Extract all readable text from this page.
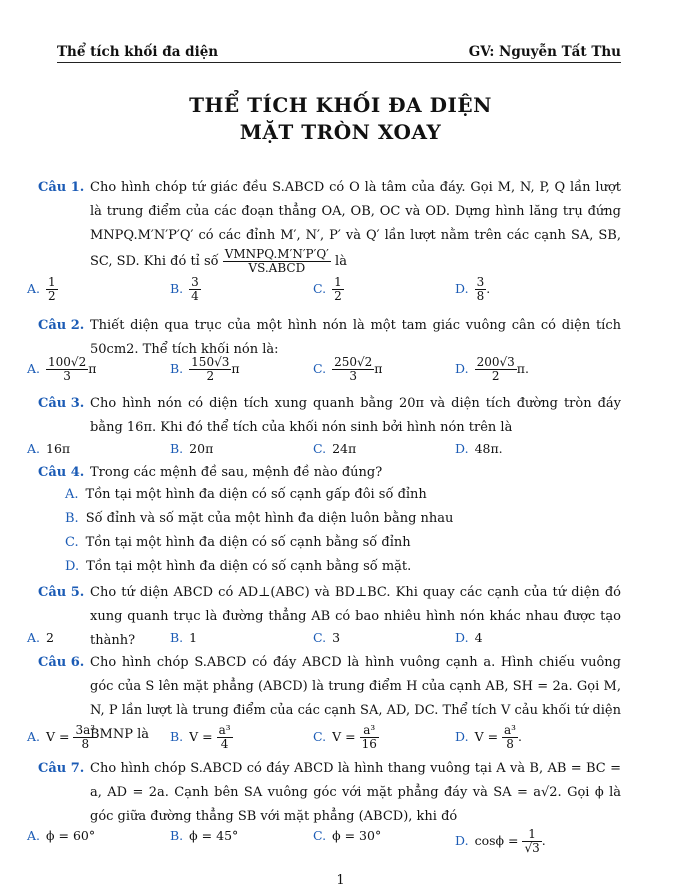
Thể tích khối đa diện	GV: Nguyễn Tất Thu
THỂ TÍCH KHỐI ĐA DIỆN
MẶT TRÒN XOAY
Câu 1. Cho hình chóp tứ giác đều S.ABCD có O là tâm của đáy. Gọi M, N, P, Q lần lượt là trung điểm của các đoạn thẳng OA, OB, OC và OD. Dựng hình lăng trụ đứng MNPQ.M′N′P′Q′ có các đỉnh M′, N′, P′ và Q′ lần lượt nằm trên các cạnh SA, SB, SC, SD. Khi đó tỉ số $\frac{\text{VMNPQ.M′N′P′Q′}}{\text{VS.ABCD}}$ là
A. $\frac{1}{2}$	B. $\frac{3}{4}$	C. $\frac{1}{2}$	D. $\frac{3}{8}$ .
Câu 2. Thiết diện qua trục của một hình nón là một tam giác vuông cân có diện tích 50cm2. Thể tích khối nón là:
A. $\frac{100√2}{3}$ π	B. $\frac{150√3}{2}$ π	C. $\frac{250√2}{3}$ π	D. $\frac{200√3}{2} \pi$.
Câu 3. Cho hình nón có diện tích xung quanh bằng 20π và diện tích đường tròn đáy bằng 16π. Khi đó thể tích của khối nón sinh bởi hình nón trên là
A. 16π	B. 20π	C. 24π	D. 48π.
Câu 4. Trong các mệnh đề sau, mệnh đề nào đúng?
A. Tồn tại một hình đa diện có số cạnh gấp đôi số đỉnh
B. Số đỉnh và số mặt của một hình đa diện luôn bằng nhau
C. Tồn tại một hình đa diện có số cạnh bằng số đỉnh
D. Tồn tại một hình đa diện có số cạnh bằng số mặt.
Câu 5. Cho tứ diện ABCD có AD⊥(ABC) và BD⊥BC. Khi quay các cạnh của tứ diện đó xung quanh trục là đường thẳng AB có bao nhiêu hình nón khác nhau được tạo thành?
A. 2	B. 1	C. 3	D. 4
Câu 6. Cho hình chóp S.ABCD có đáy ABCD là hình vuông cạnh a. Hình chiếu vuông góc của S lên mặt phẳng (ABCD) là trung điểm H của cạnh AB, SH = 2a. Gọi M, N, P lần lượt là trung điểm của các cạnh SA, AD, DC. Thể tích V cảu khối tứ diện BMNP là
A. $V = \frac{\text{3a³}}{8}$	B. $V = \frac{\text{a³}}{4}$	C. $V = \frac{\text{a³}}{16}$	D. $V = \frac{\text{a³}}{8}$ .
Câu 7. Cho hình chóp S.ABCD có đáy ABCD là hình thang vuông tại A và B, AB = BC = a, AD = 2a. Cạnh bên SA vuông góc với mặt phẳng đáy và SA = a√2. Gọi ϕ là góc giữa đường thẳng SB với mặt phẳng (ABCD), khi đó
A. ϕ = 60°	B. ϕ = 45°	C. ϕ = 30°	D. $\cos\phi = \frac{1}{√3}$ .
1
